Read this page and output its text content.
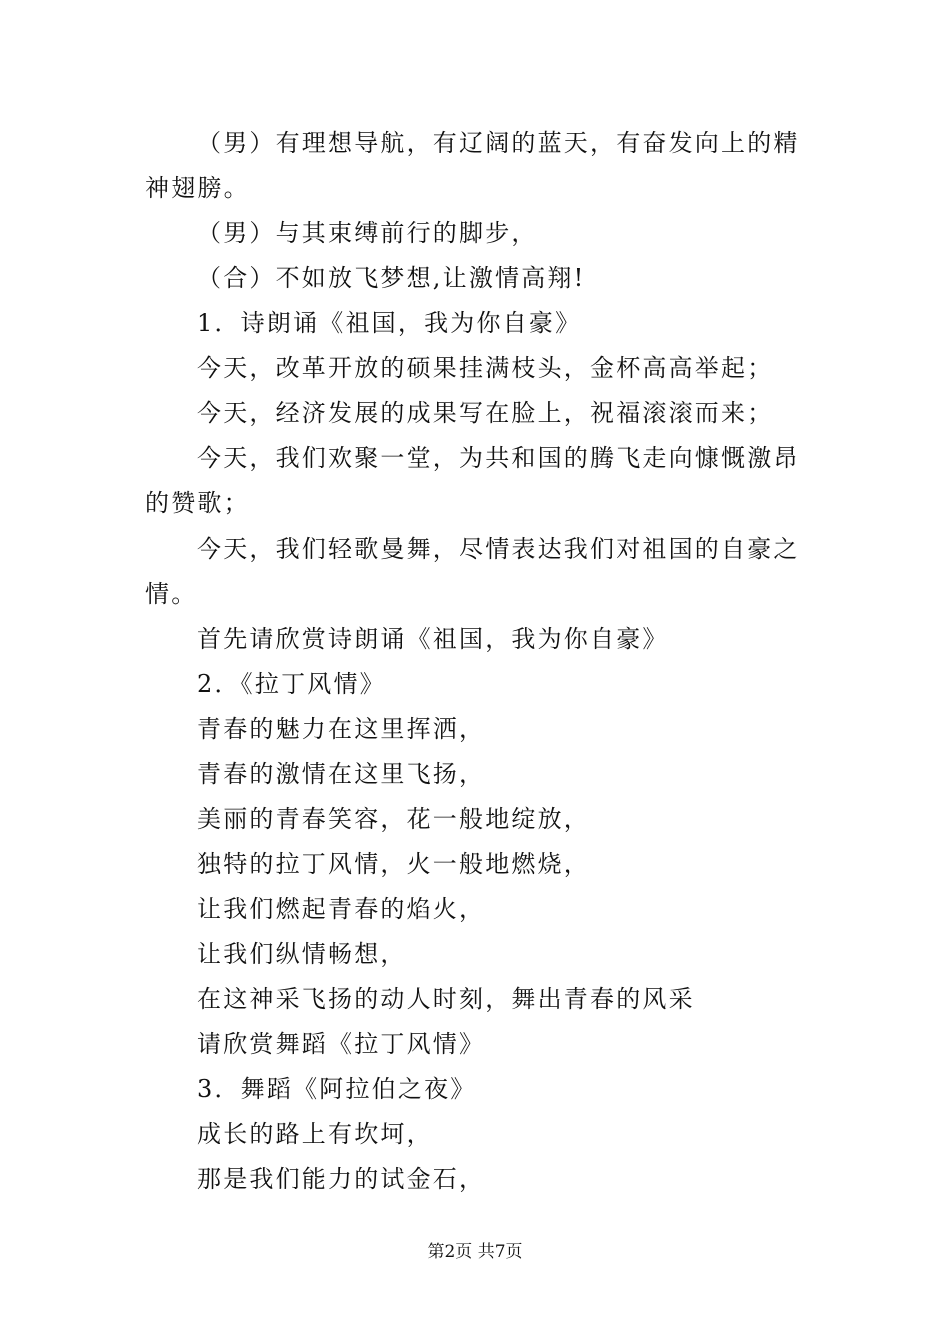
（男）有理想导航，有辽阔的蓝天，有奋发向上的精
神翅膀。
（男）与其束缚前行的脚步，
（合）不如放飞梦想,让激情高翔!
1．诗朗诵《祖国，我为你自豪》
今天，改革开放的硕果挂满枝头，金杯高高举起；
今天，经济发展的成果写在脸上，祝福滚滚而来；
今天，我们欢聚一堂，为共和国的腾飞走向慷慨激昂
的赞歌；
今天，我们轻歌曼舞，尽情表达我们对祖国的自豪之
情。
首先请欣赏诗朗诵《祖国，我为你自豪》
2．《拉丁风情》
青春的魅力在这里挥洒，
青春的激情在这里飞扬，
美丽的青春笑容，花一般地绽放，
独特的拉丁风情，火一般地燃烧，
让我们燃起青春的焰火，
让我们纵情畅想，
在这神采飞扬的动人时刻，舞出青春的风采
请欣赏舞蹈《拉丁风情》
3．舞蹈《阿拉伯之夜》
成长的路上有坎坷，
那是我们能力的试金石，
第2页 共7页
